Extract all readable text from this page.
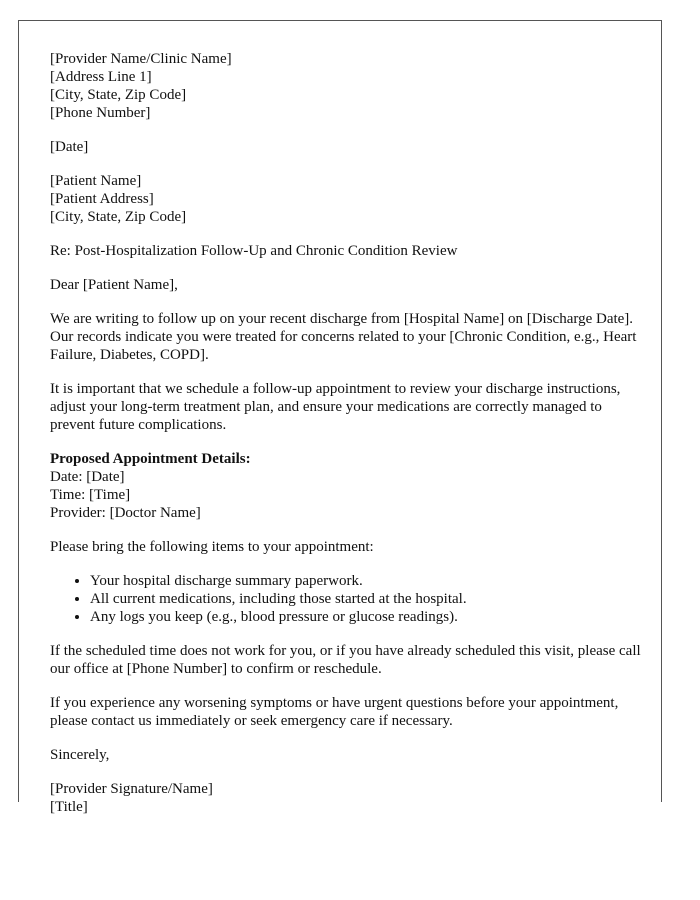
[Provider Name/Clinic Name]
[Address Line 1]
[City, State, Zip Code]
[Phone Number]

[Date]

[Patient Name]
[Patient Address]
[City, State, Zip Code]

Re: Post-Hospitalization Follow-Up and Chronic Condition Review

Dear [Patient Name],

We are writing to follow up on your recent discharge from [Hospital Name] on [Discharge Date]. Our records indicate you were treated for concerns related to your [Chronic Condition, e.g., Heart Failure, Diabetes, COPD].

It is important that we schedule a follow-up appointment to review your discharge instructions, adjust your long-term treatment plan, and ensure your medications are correctly managed to prevent future complications.

Proposed Appointment Details:
Date: [Date]
Time: [Time]
Provider: [Doctor Name]

Please bring the following items to your appointment:

• Your hospital discharge summary paperwork.
• All current medications, including those started at the hospital.
• Any logs you keep (e.g., blood pressure or glucose readings).

If the scheduled time does not work for you, or if you have already scheduled this visit, please call our office at [Phone Number] to confirm or reschedule.

If you experience any worsening symptoms or have urgent questions before your appointment, please contact us immediately or seek emergency care if necessary.

Sincerely,

[Provider Signature/Name]
[Title]
